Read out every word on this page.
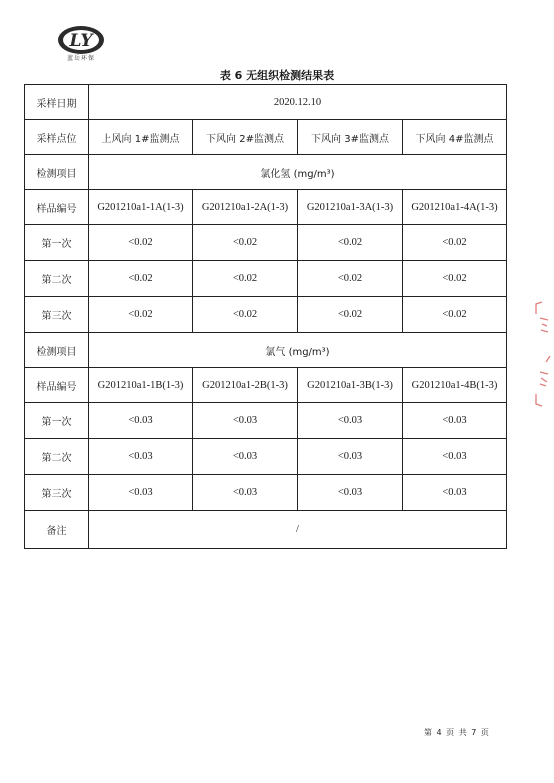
LY
蓝岳环保
表 6 无组织检测结果表
采样日期	2020.12.10			
采样点位	上风向 1#监测点	下风向 2#监测点	下风向 3#监测点	下风向 4#监测点
检测项目	氯化氢 (mg/m³)			
样品编号	G201210a1-1A(1-3)	G201210a1-2A(1-3)	G201210a1-3A(1-3)	G201210a1-4A(1-3)
第一次	<0.02	<0.02	<0.02	<0.02
第二次	<0.02	<0.02	<0.02	<0.02
第三次	<0.02	<0.02	<0.02	<0.02
检测项目	氯气 (mg/m³)			
样品编号	G201210a1-1B(1-3)	G201210a1-2B(1-3)	G201210a1-3B(1-3)	G201210a1-4B(1-3)
第一次	<0.03	<0.03	<0.03	<0.03
第二次	<0.03	<0.03	<0.03	<0.03
第三次	<0.03	<0.03	<0.03	<0.03
备注	/			
第 4 页 共 7 页
